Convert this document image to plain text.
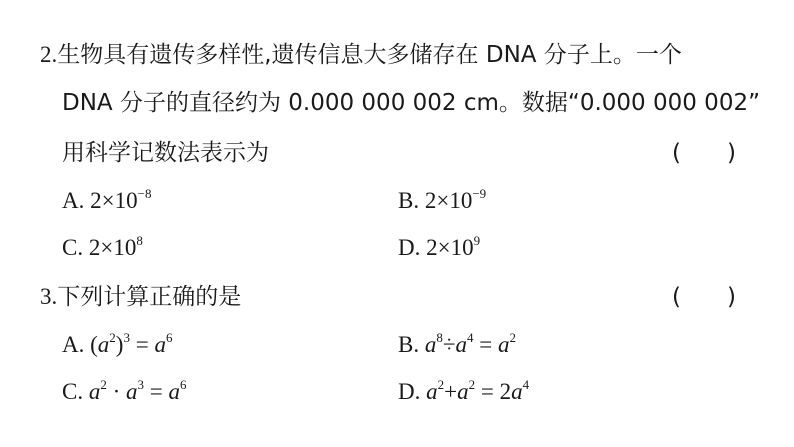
2.生物具有遗传多样性,遗传信息大多储存在 DNA 分子上。一个
DNA 分子的直径约为 0.000 000 002 cm。数据“0.000 000 002”
用科学记数法表示为	(　　)
A. $2\times 10^{-8}$	B. $2\times 10^{-9}$
C. $2\times 10^8$	D. $2\times 10^9$
3.下列计算正确的是	(　　)
A. $(a^2)^3 = a^6$	B. $a^8\div a^4 = a^2$
C. $a^2 \cdot a^3 = a^6$	D. $a^2+a^2 = 2a^4$
